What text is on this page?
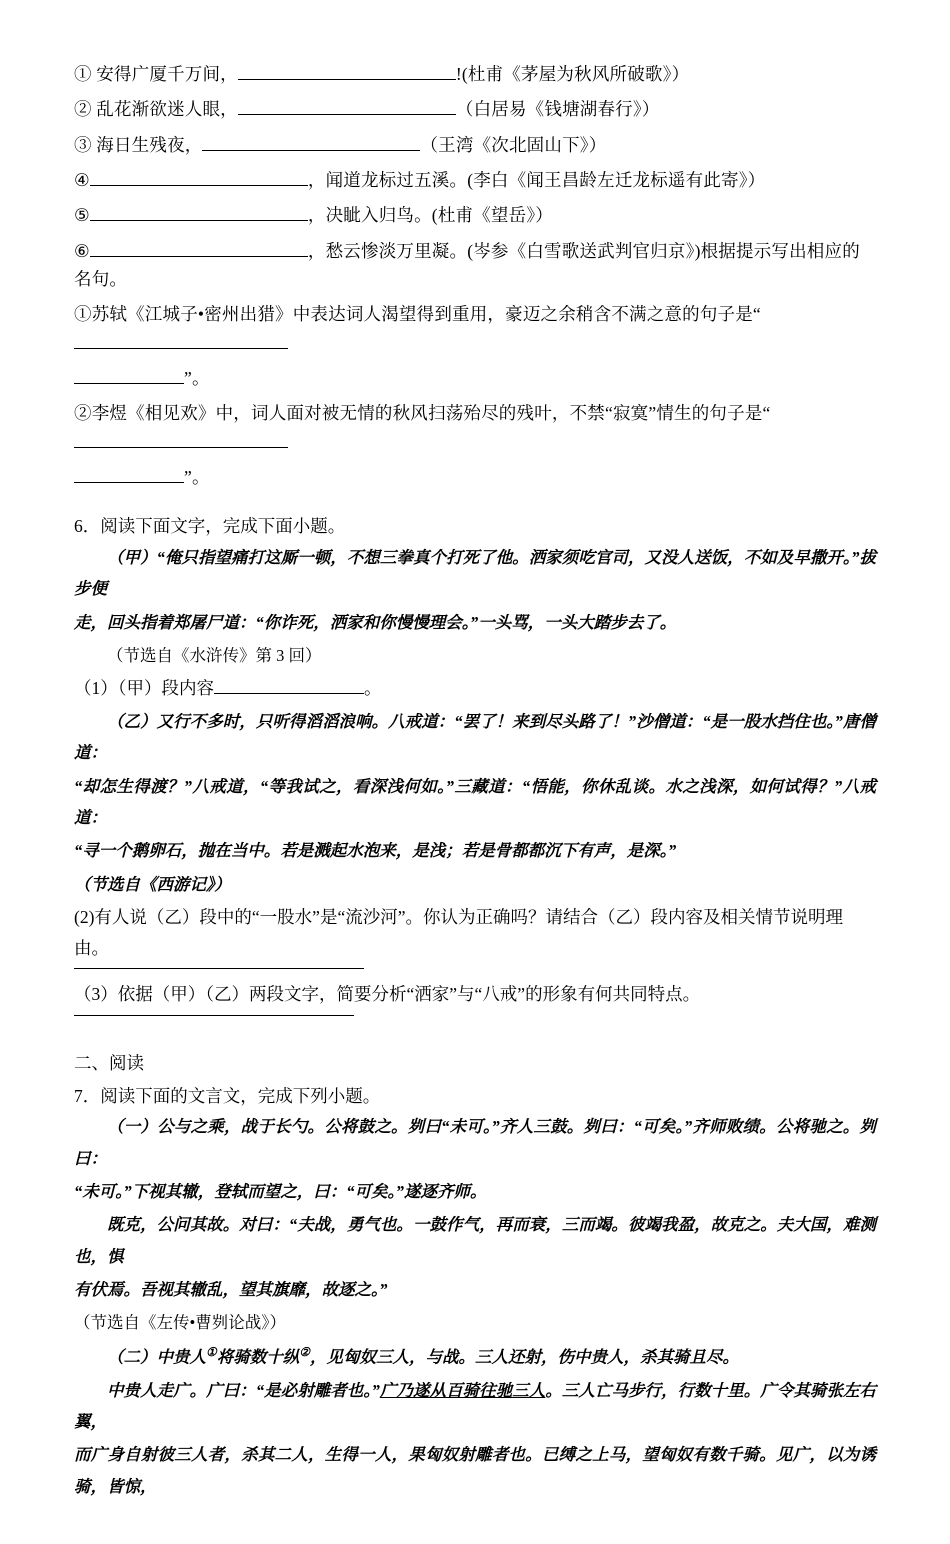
① 安得广厦千万间，	!(杜甫《茅屋为秋风所破歌》）

② 乱花渐欲迷人眼，	（白居易《钱塘湖春行》）

③ 海日生残夜，	（王湾《次北固山下》）

④	，闻道龙标过五溪。(李白《闻王昌龄左迁龙标遥有此寄》）

⑤	，决眦入归鸟。(杜甫《望岳》）

⑥	，愁云惨淡万里凝。(岑参《白雪歌送武判官归京》)根据提示写出相应的名句。

①苏轼《江城子•密州出猎》中表达词人渴望得到重用，豪迈之余稍含不满之意的句子是“

”。

②李煜《相见欢》中，词人面对被无情的秋风扫荡殆尽的残叶，不禁“寂寞”情生的句子是“

”。

6．阅读下面文字，完成下面小题。

（甲）“俺只指望痛打这厮一顿，不想三拳真个打死了他。洒家须吃官司，又没人送饭，不如及早撒开。”拔步便

走，回头指着郑屠尸道：“你诈死，洒家和你慢慢理会。”一头骂，一头大踏步去了。

（节选自《水浒传》第 3 回）

（1）（甲）段内容	。

（乙）又行不多时，只听得滔滔浪响。八戒道：“罢了！来到尽头路了！”沙僧道：“是一股水挡住也。”唐僧道：

“却怎生得渡？”八戒道，“等我试之，看深浅何如。”三藏道：“悟能，你休乱谈。水之浅深，如何试得？”八戒道：

“寻一个鹅卵石，抛在当中。若是溅起水泡来，是浅；若是骨都都沉下有声，是深。”

（节选自《西游记》）

(2)有人说（乙）段中的“一股水”是“流沙河”。你认为正确吗？请结合（乙）段内容及相关情节说明理由。

（3）依据（甲）（乙）两段文字，简要分析“洒家”与“八戒”的形象有何共同特点。

二、阅读

7．阅读下面的文言文，完成下列小题。

（一）公与之乘，战于长勺。公将鼓之。刿曰“未可。”齐人三鼓。刿曰：“可矣。”齐师败绩。公将驰之。刿曰：

“未可。”下视其辙，登轼而望之，曰：“可矣。”遂逐齐师。

既克，公问其故。对曰：“夫战，勇气也。一鼓作气，再而衰，三而竭。彼竭我盈，故克之。夫大国，难测也，惧

有伏焉。吾视其辙乱，望其旗靡，故逐之。”

（节选自《左传•曹刿论战》）

（二）中贵人①将骑数十纵②，见匈奴三人，与战。三人还射，伤中贵人，杀其骑且尽。

中贵人走广。广曰：“是必射雕者也。”广乃遂从百骑往驰三人。三人亡马步行，行数十里。广令其骑张左右翼，

而广身自射彼三人者，杀其二人，生得一人，果匈奴射雕者也。已缚之上马，望匈奴有数千骑。见广，以为诱骑，皆惊，
